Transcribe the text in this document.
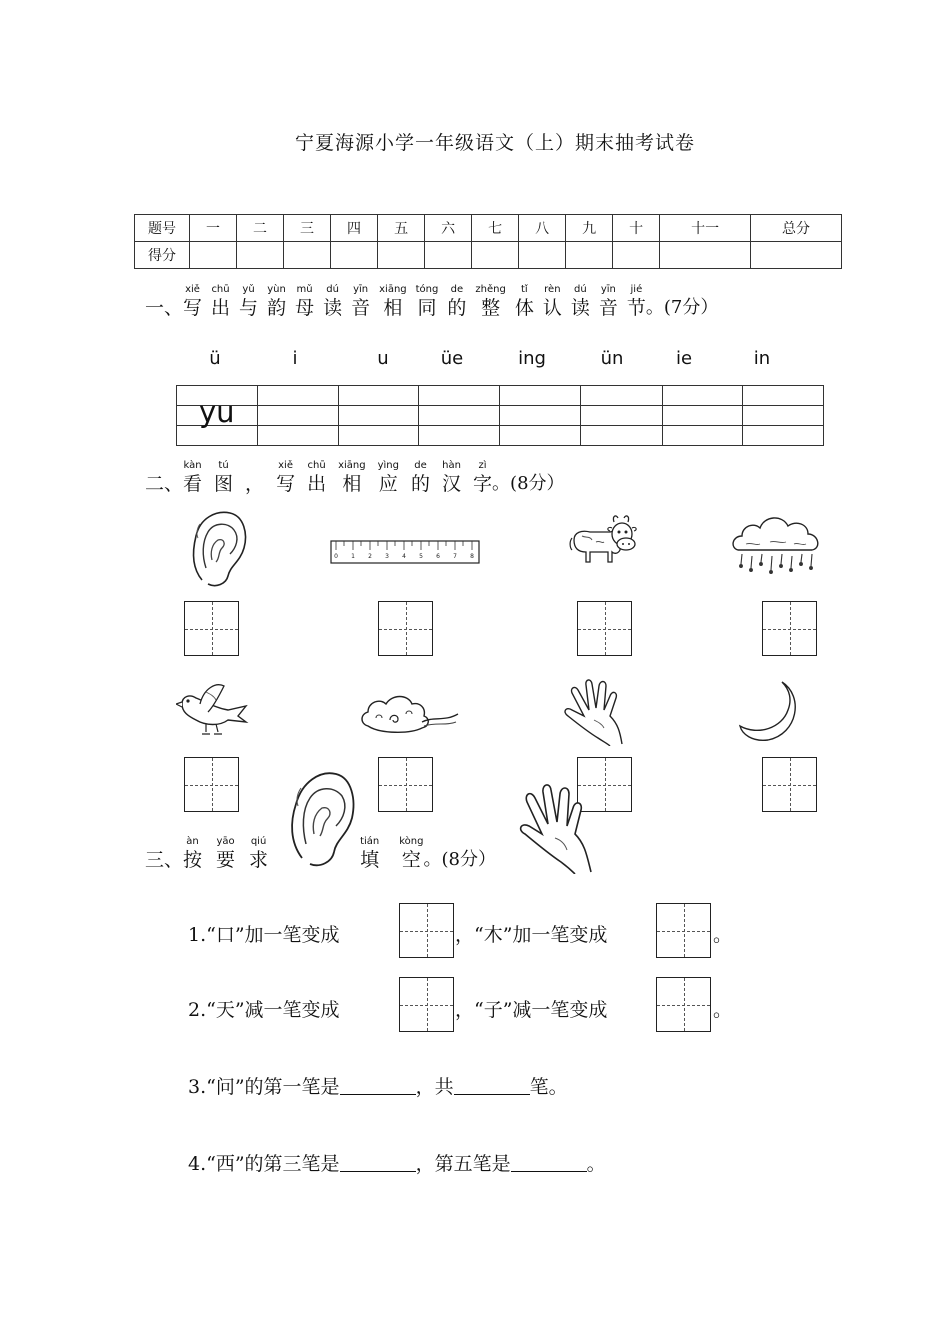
宁夏海源小学一年级语文（上）期末抽考试卷
题号	一	二	三	四	五	六	七	八	九	十	十一	总分
得分												
一、
xiě
写
chū
出
yǔ
与
yùn
韵
mǔ
母
dú
读
yīn
音
xiāng
相
tóng
同
de
的
zhěng
整
tǐ
体
rèn
认
dú
读
yīn
音
jié
节 。(7分）
ü	i	u	üe	ing	ün	ie	in
yu
二、
kàn
看
tú
图 ，
xiě
写
chū
出
xiāng
相
yìng
应
de
的
hàn
汉
zì
字 。(8分）
0 1 2 3 4 5 6 7 8
三、
àn
按
yāo
要
qiú
求
tián
填
kòng
空 。(8分）
1.“口”加一笔变成	，“木”加一笔变成	。
2.“天”减一笔变成	，“子”减一笔变成	。
3.“问”的第一笔是	，共	笔。
4.“西”的第三笔是	，第五笔是	。
